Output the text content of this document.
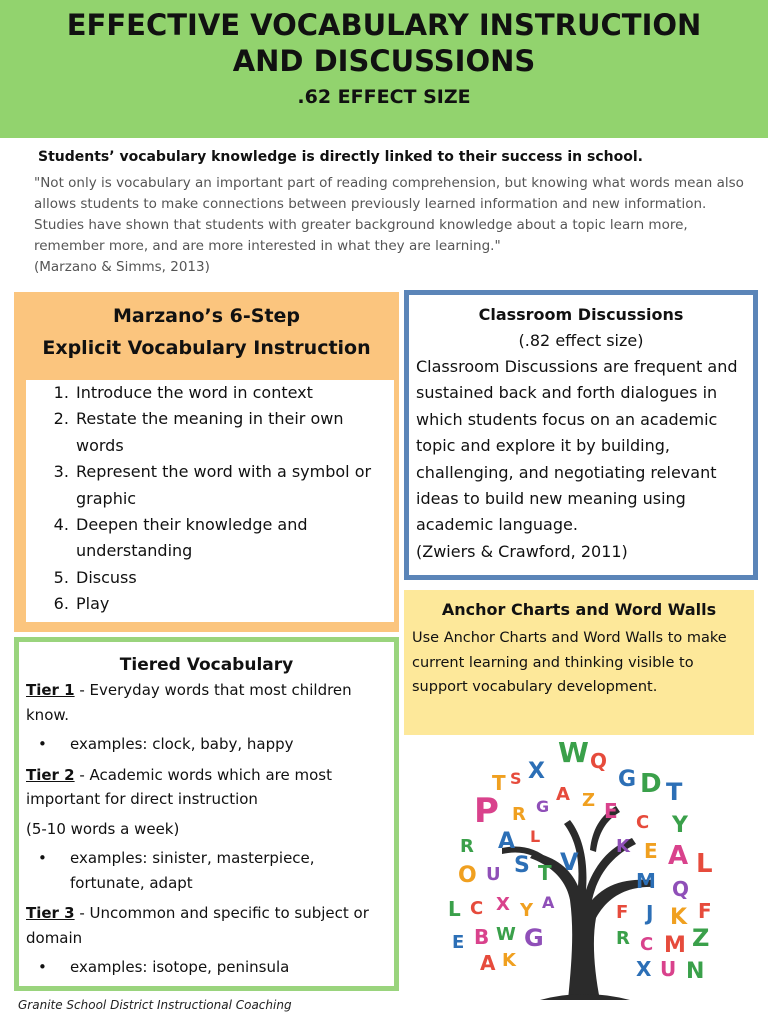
EFFECTIVE VOCABULARY INSTRUCTION
AND DISCUSSIONS
.62 EFFECT SIZE
Students’ vocabulary knowledge is directly linked to their success in school.
"Not only is vocabulary an important part of reading comprehension, but knowing what words mean also allows students to make connections between previously learned information and new information. Studies have shown that students with greater background knowledge about a topic learn more, remember more, and are more interested in what they are learning."
(Marzano & Simms, 2013)
Marzano’s 6-Step
Explicit Vocabulary Instruction
1. Introduce the word in context
2. Restate the meaning in their own words
3. Represent the word with a symbol or graphic
4. Deepen their knowledge and understanding
5. Discuss
6. Play
Classroom Discussions
(.82 effect size)
Classroom Discussions are frequent and sustained back and forth dialogues in which students focus on an academic topic and explore it by building, challenging, and negotiating relevant ideas to build new meaning using academic language.
(Zwiers & Crawford, 2011)
Anchor Charts and Word Walls
Use Anchor Charts and Word Walls to make current learning and thinking visible to support vocabulary development.
Tiered Vocabulary

Tier 1 - Everyday words that most children know.

• examples: clock, baby, happy

Tier 2 - Academic words which are most important for direct instruction

(5-10 words a week)

• examples: sinister, masterpiece, fortunate, adapt

Tier 3 - Uncommon and specific to subject or domain

• examples: isotope, peninsula
W
X Q
T S	G D T
P R G
A Z E C Y
R A L	K E A L
O U S T V
M Q
L C X Y A	F J K F
E B W G	R C M Z
A K	X U N
Granite School District Instructional Coaching
